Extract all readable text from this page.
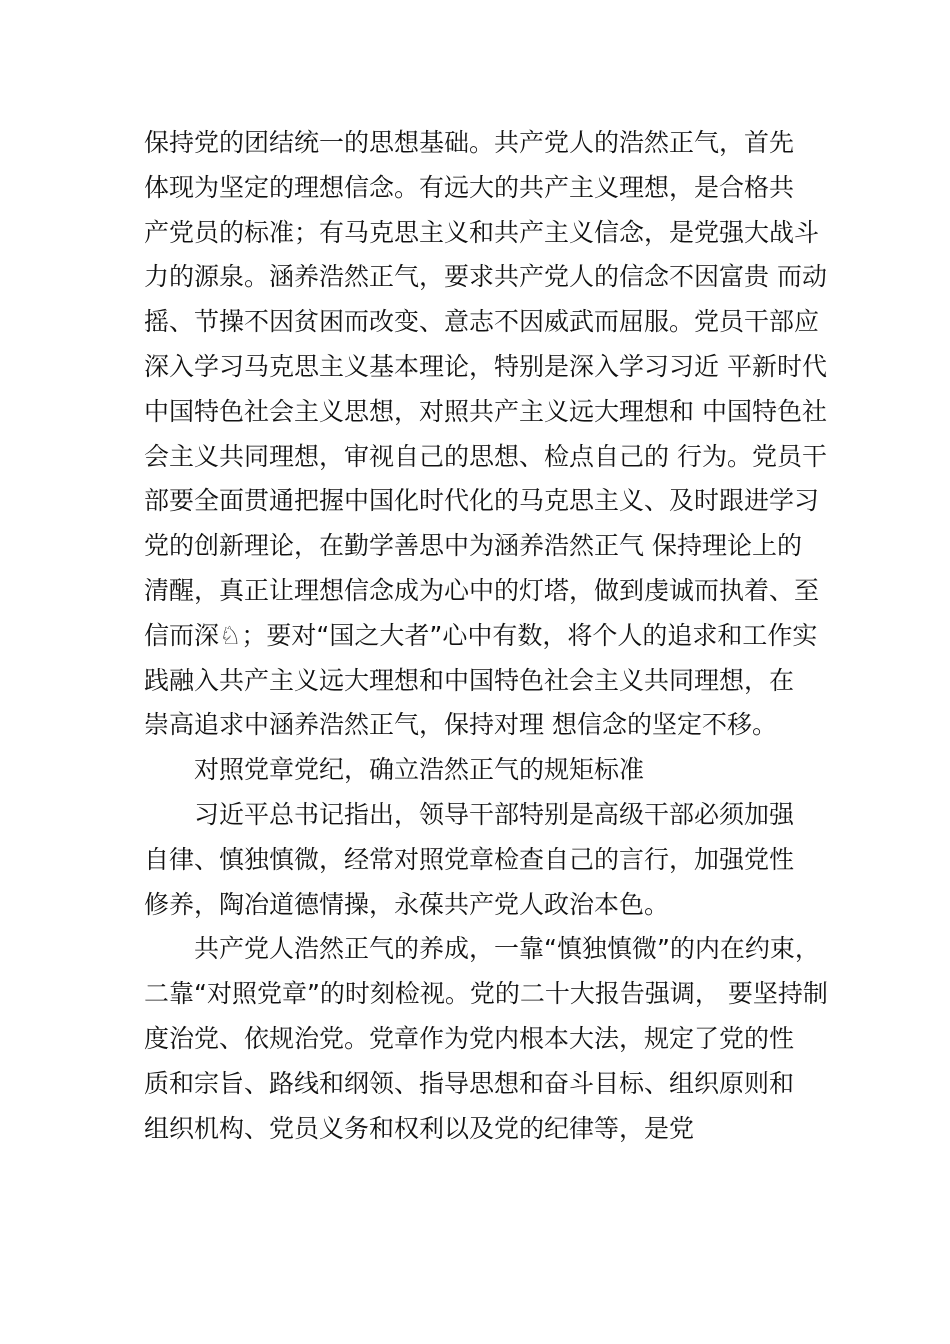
保持党的团结统一的思想基础。共产党人的浩然正气，首先
体现为坚定的理想信念。有远大的共产主义理想，是合格共
产党员的标准；有马克思主义和共产主义信念，是党强大战斗
力的源泉。涵养浩然正气，要求共产党人的信念不因富贵 而动
摇、节操不因贫困而改变、意志不因威武而屈服。党员干部应
深入学习马克思主义基本理论，特别是深入学习习近 平新时代
中国特色社会主义思想，对照共产主义远大理想和 中国特色社
会主义共同理想，审视自己的思想、检点自己的 行为。党员干
部要全面贯通把握中国化时代化的马克思主义、及时跟进学习
党的创新理论，在勤学善思中为涵养浩然正气 保持理论上的
清醒，真正让理想信念成为心中的灯塔，做到虔诚而执着、至
信而深♘；要对“国之大者”心中有数，将个人的追求和工作实
践融入共产主义远大理想和中国特色社会主义共同理想，在
崇高追求中涵养浩然正气，保持对理 想信念的坚定不移。
对照党章党纪，确立浩然正气的规矩标准
习近平总书记指出，领导干部特别是高级干部必须加强
自律、慎独慎微，经常对照党章检查自己的言行，加强党性
修养，陶冶道德情操，永葆共产党人政治本色。
共产党人浩然正气的养成，一靠“慎独慎微”的内在约束，
二靠“对照党章”的时刻检视。党的二十大报告强调， 要坚持制
度治党、依规治党。党章作为党内根本大法，规定了党的性
质和宗旨、路线和纲领、指导思想和奋斗目标、组织原则和
组织机构、党员义务和权利以及党的纪律等，是党
